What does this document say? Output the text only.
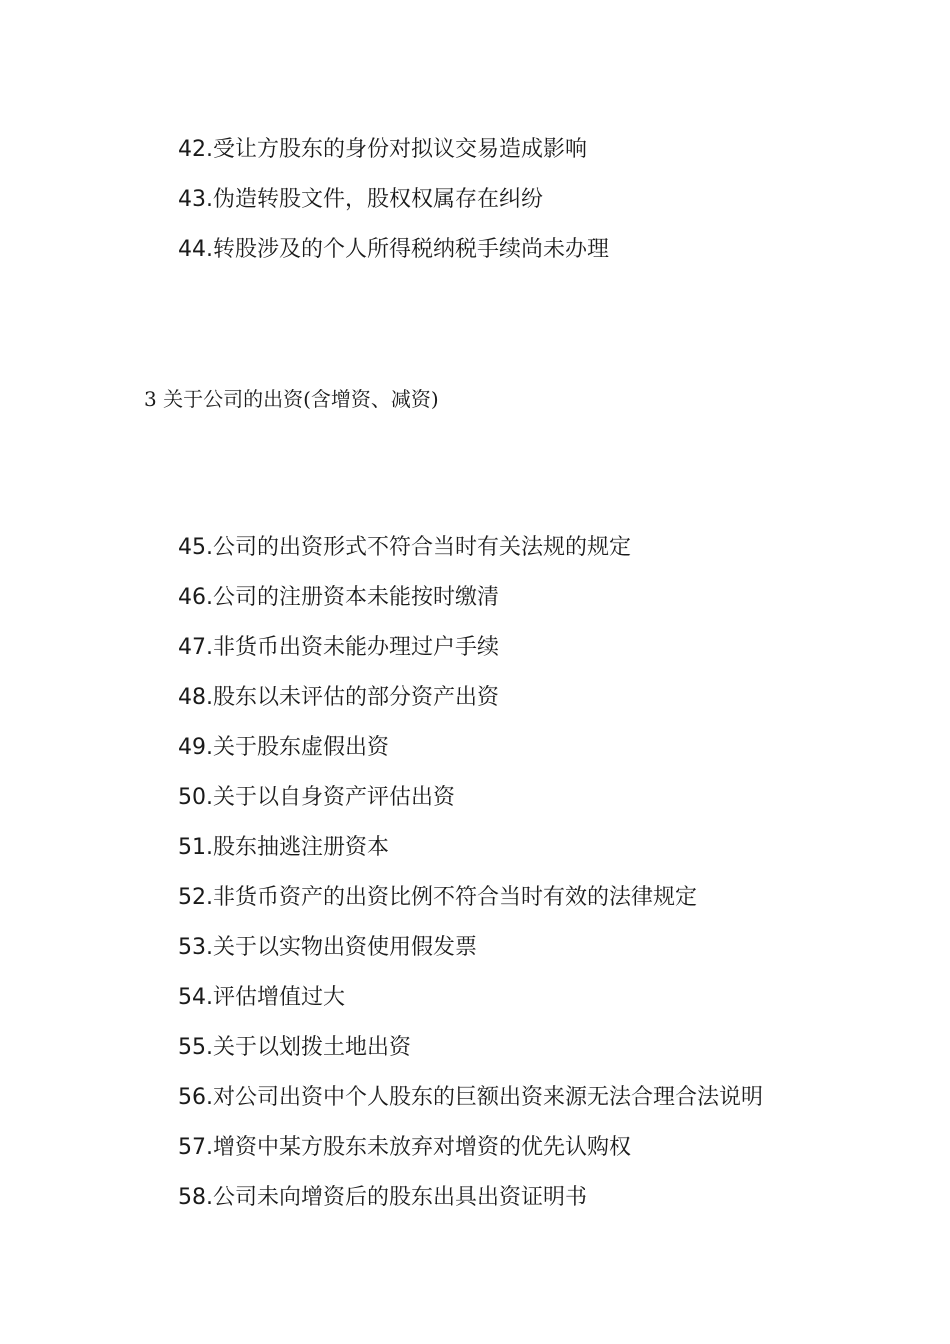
42.受让方股东的身份对拟议交易造成影响
43.伪造转股文件，股权权属存在纠纷
44.转股涉及的个人所得税纳税手续尚未办理
3 关于公司的出资(含增资、减资)
45.公司的出资形式不符合当时有关法规的规定
46.公司的注册资本未能按时缴清
47.非货币出资未能办理过户手续
48.股东以未评估的部分资产出资
49.关于股东虚假出资
50.关于以自身资产评估出资
51.股东抽逃注册资本
52.非货币资产的出资比例不符合当时有效的法律规定
53.关于以实物出资使用假发票
54.评估增值过大
55.关于以划拨土地出资
56.对公司出资中个人股东的巨额出资来源无法合理合法说明
57.增资中某方股东未放弃对增资的优先认购权
58.公司未向增资后的股东出具出资证明书
